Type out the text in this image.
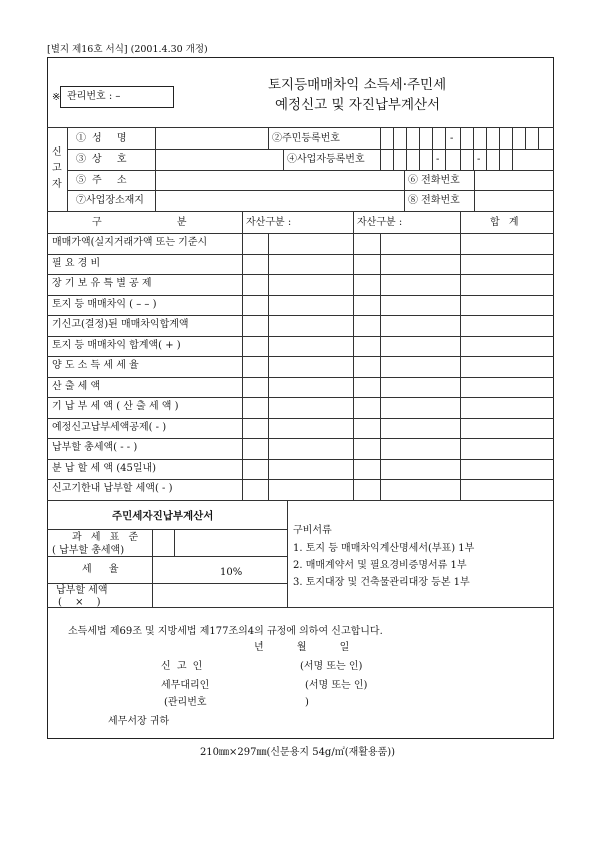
[별지 제16호 서식] (2001.4.30 개정)
※ 관리번호 : –
토지등매매차익 소득세·주민세
예정신고 및 자진납부계산서
신
고
자
①성 명	②주민등록번호	-
③상 호	④사업자등록번호	-	-
⑤주 소	⑥ 전화번호
⑦사업장소재지	⑧ 전화번호
구 분	자산구분 :	자산구분 :	합 계
매매가액(실지거래가액 또는 기준시
필 요 경 비
장 기 보 유 특 별 공 제
토지 등 매매차익 ( – – )
기신고(결정)된 매매차익합계액
토지 등 매매차익 합계액( + )
양 도 소 득 세 세 율
산 출 세 액
기 납 부 세 액 ( 산 출 세 액 )
예정신고납부세액공제( - )
납부할 총세액( - - )
분 납 할 세 액 (45일내)
신고기한내 납부할 세액( - )
주민세자진납부계산서
과 세 표 준
( 납부할 총세액)
세 율	10%
납부할 세액
( × )
구비서류
1. 토지 등 매매차익계산명세서(부표) 1부
2. 매매계약서 및 필요경비증명서류 1부
3. 토지대장 및 건축물관리대장 등본 1부
소득세법 제69조 및 지방세법 제177조의4의 규정에 의하여 신고합니다.
년 월 일
신 고 인	(서명 또는 인)
세무대리인	(서명 또는 인)
(관리번호	)
세무서장 귀하
210㎜×297㎜(신문용지 54g/㎡(재활용품))
